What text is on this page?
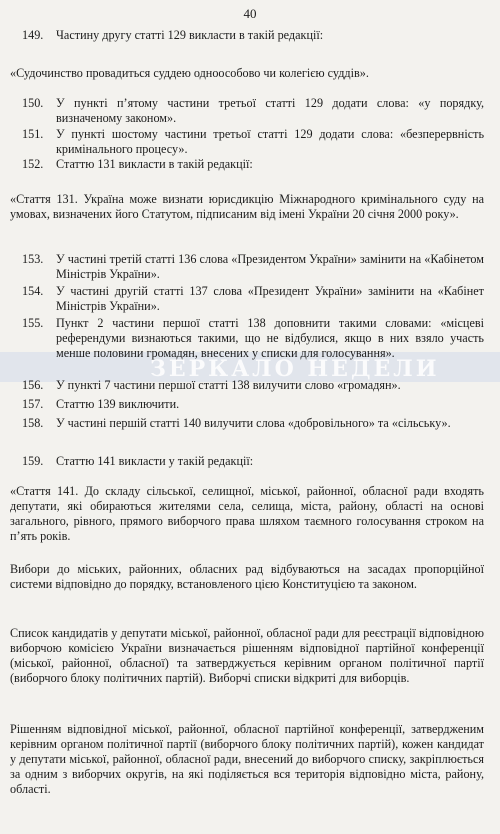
ЗЕРКАЛО НЕДЕЛИ
40
149.	Частину другу статті 129 викласти в такій редакції:
«Судочинство провадиться суддею одноособово чи колегією суддів».
150.	У пункті п’ятому частини третьої статті 129 додати слова: «у порядку, визначеному законом».
151.	У пункті шостому частини третьої статті 129 додати слова: «безперервність кримінального процесу».
152.	Статтю 131 викласти в такій редакції:
«Стаття 131. Україна може визнати юрисдикцію Міжнародного кримінального суду на умовах, визначених його Статутом, підписаним від імені України 20 січня 2000 року».
153.	У частині третій статті 136 слова «Президентом України» замінити на «Кабінетом Міністрів України».
154.	У частині другій статті 137 слова «Президент України» замінити на «Кабінет Міністрів України».
155.	Пункт 2 частини першої статті 138 доповнити такими словами: «місцеві референдуми визнаються такими, що не відбулися, якщо в них взяло участь менше половини громадян, внесених у списки для голосування».
156.	У пункті 7 частини першої статті 138 вилучити слово «громадян».
157.	Статтю 139 виключити.
158.	У частині першій статті 140 вилучити слова «добровільного» та «сільську».
159.	Статтю 141 викласти у такій редакції:
«Стаття 141. До складу сільської, селищної, міської, районної, обласної ради входять депутати, які обираються жителями села, селища, міста, району, області на основі загального, рівного, прямого виборчого права шляхом таємного голосування строком на п’ять років.
Вибори до міських, районних, обласних рад відбуваються на засадах пропорційної системи відповідно до порядку, встановленого цією Конституцією та законом.
Список кандидатів у депутати міської, районної, обласної ради для реєстрації відповідною виборчою комісією України визначається рішенням відповідної партійної конференції (міської, районної, обласної) та затверджується керівним органом політичної партії (виборчого блоку політичних партій). Виборчі списки відкриті для виборців.
Рішенням відповідної міської, районної, обласної партійної конференції, затвердженим керівним органом політичної партії (виборчого блоку політичних партій), кожен кандидат у депутати міської, районної, обласної ради, внесений до виборчого списку, закріплюється за одним з виборчих округів, на які поділяється вся територія відповідно міста, району, області.
